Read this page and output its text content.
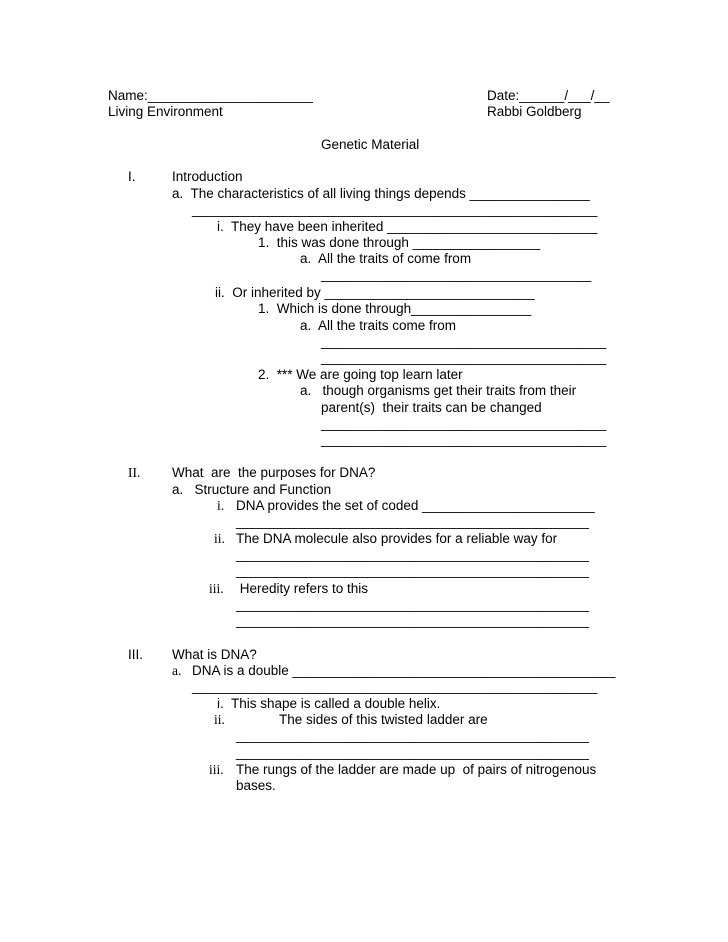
Name:______________________	Date:______/___/__
Living Environment	Rabbi Goldberg
Genetic Material
I.	Introduction
a.  The characteristics of all living things depends ________________
______________________________________________________
i.  They have been inherited ____________________________
1.  this was done through _________________
a.  All the traits of come from
____________________________________
ii.  Or inherited by ____________________________
1.  Which is done through________________
a.  All the traits come from
______________________________________
______________________________________
2.  *** We are going top learn later
a.   though organisms get their traits from their
parent(s)  their traits can be changed
______________________________________
______________________________________
II. What  are  the purposes for DNA?
a.   Structure and Function
i. DNA provides the set of coded _______________________
_______________________________________________
ii. The DNA molecule also provides for a reliable way for
_______________________________________________
_______________________________________________
iii. Heredity refers to this
_______________________________________________
_______________________________________________
III. What is DNA?
a. DNA is a double ___________________________________________
______________________________________________________
i.  This shape is called a double helix.
ii.	The sides of this twisted ladder are
_______________________________________________
_______________________________________________
iii. The rungs of the ladder are made up  of pairs of nitrogenous
bases.
